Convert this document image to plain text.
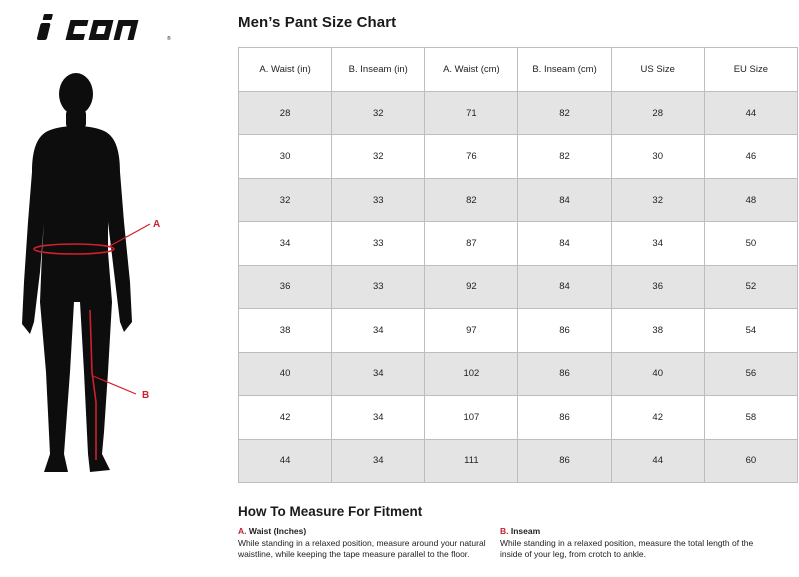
®
A
B
Men’s Pant Size Chart
A. Waist (in)	B. Inseam (in)	A. Waist (cm)	B. Inseam (cm)	US Size	EU Size
28	32	71	82	28	44
30	32	76	82	30	46
32	33	82	84	32	48
34	33	87	84	34	50
36	33	92	84	36	52
38	34	97	86	38	54
40	34	102	86	40	56
42	34	107	86	42	58
44	34	111	86	44	60
How To Measure For Fitment
A. Waist (Inches)
While standing in a relaxed position, measure around your natural waistline, while keeping the tape measure parallel to the floor.
B. Inseam
While standing in a relaxed position, measure the total length of the inside of your leg, from crotch to ankle.
